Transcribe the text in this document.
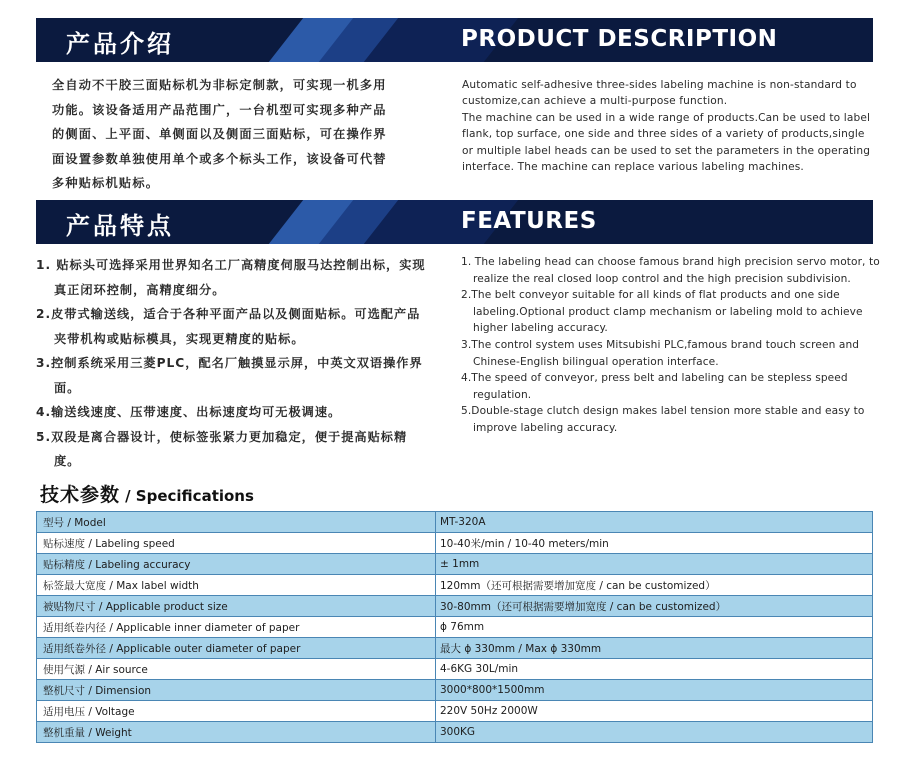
产品介绍	PRODUCT DESCRIPTION
全自动不干胶三面贴标机为非标定制款，可实现一机多用
功能。该设备适用产品范围广，一台机型可实现多种产品
的侧面、上平面、单侧面以及侧面三面贴标，可在操作界
面设置参数单独使用单个或多个标头工作，该设备可代替
多种贴标机贴标。
Automatic self-adhesive three-sides labeling machine is non-standard to
customize,can achieve a multi-purpose function.
The machine can be used in a wide range of products.Can be used to label
flank, top surface, one side and three sides of a variety of products,single
or multiple label heads can be used to set the parameters in the operating
interface. The machine can replace various labeling machines.
产品特点	FEATURES
1. 贴标头可选择采用世界知名工厂高精度伺服马达控制出标，实现真正闭环控制，高精度细分。
2.皮带式输送线，适合于各种平面产品以及侧面贴标。可选配产品夹带机构或贴标模具，实现更精度的贴标。
3.控制系统采用三菱PLC，配名厂触摸显示屏，中英文双语操作界面。
4.输送线速度、压带速度、出标速度均可无极调速。
5.双段是离合器设计，使标签张紧力更加稳定，便于提高贴标精度。
1. The labeling head can choose famous brand high precision servo motor, to realize the real closed loop control and the high precision subdivision.
2.The belt conveyor suitable for all kinds of flat products and one side labeling.Optional product clamp mechanism or labeling mold to achieve higher labeling accuracy.
3.The control system uses Mitsubishi PLC,famous brand touch screen and Chinese-English bilingual operation interface.
4.The speed of conveyor, press belt and labeling can be stepless speed regulation.
5.Double-stage clutch design makes label tension more stable and easy to improve labeling accuracy.
技术参数 / Specifications
型号 / Model	MT-320A
贴标速度 / Labeling speed	10-40米/min / 10-40 meters/min
贴标精度 / Labeling accuracy	± 1mm
标签最大宽度 / Max label width	120mm（还可根据需要增加宽度 / can be customized）
被贴物尺寸 / Applicable product size	30-80mm（还可根据需要增加宽度 / can be customized）
适用纸卷内径 / Applicable inner diameter of paper	ϕ 76mm
适用纸卷外径 / Applicable outer diameter of paper	最大 ϕ 330mm / Max ϕ 330mm
使用气源 / Air source	4-6KG 30L/min
整机尺寸 / Dimension	3000*800*1500mm
适用电压 / Voltage	220V 50Hz 2000W
整机重量 / Weight	300KG
